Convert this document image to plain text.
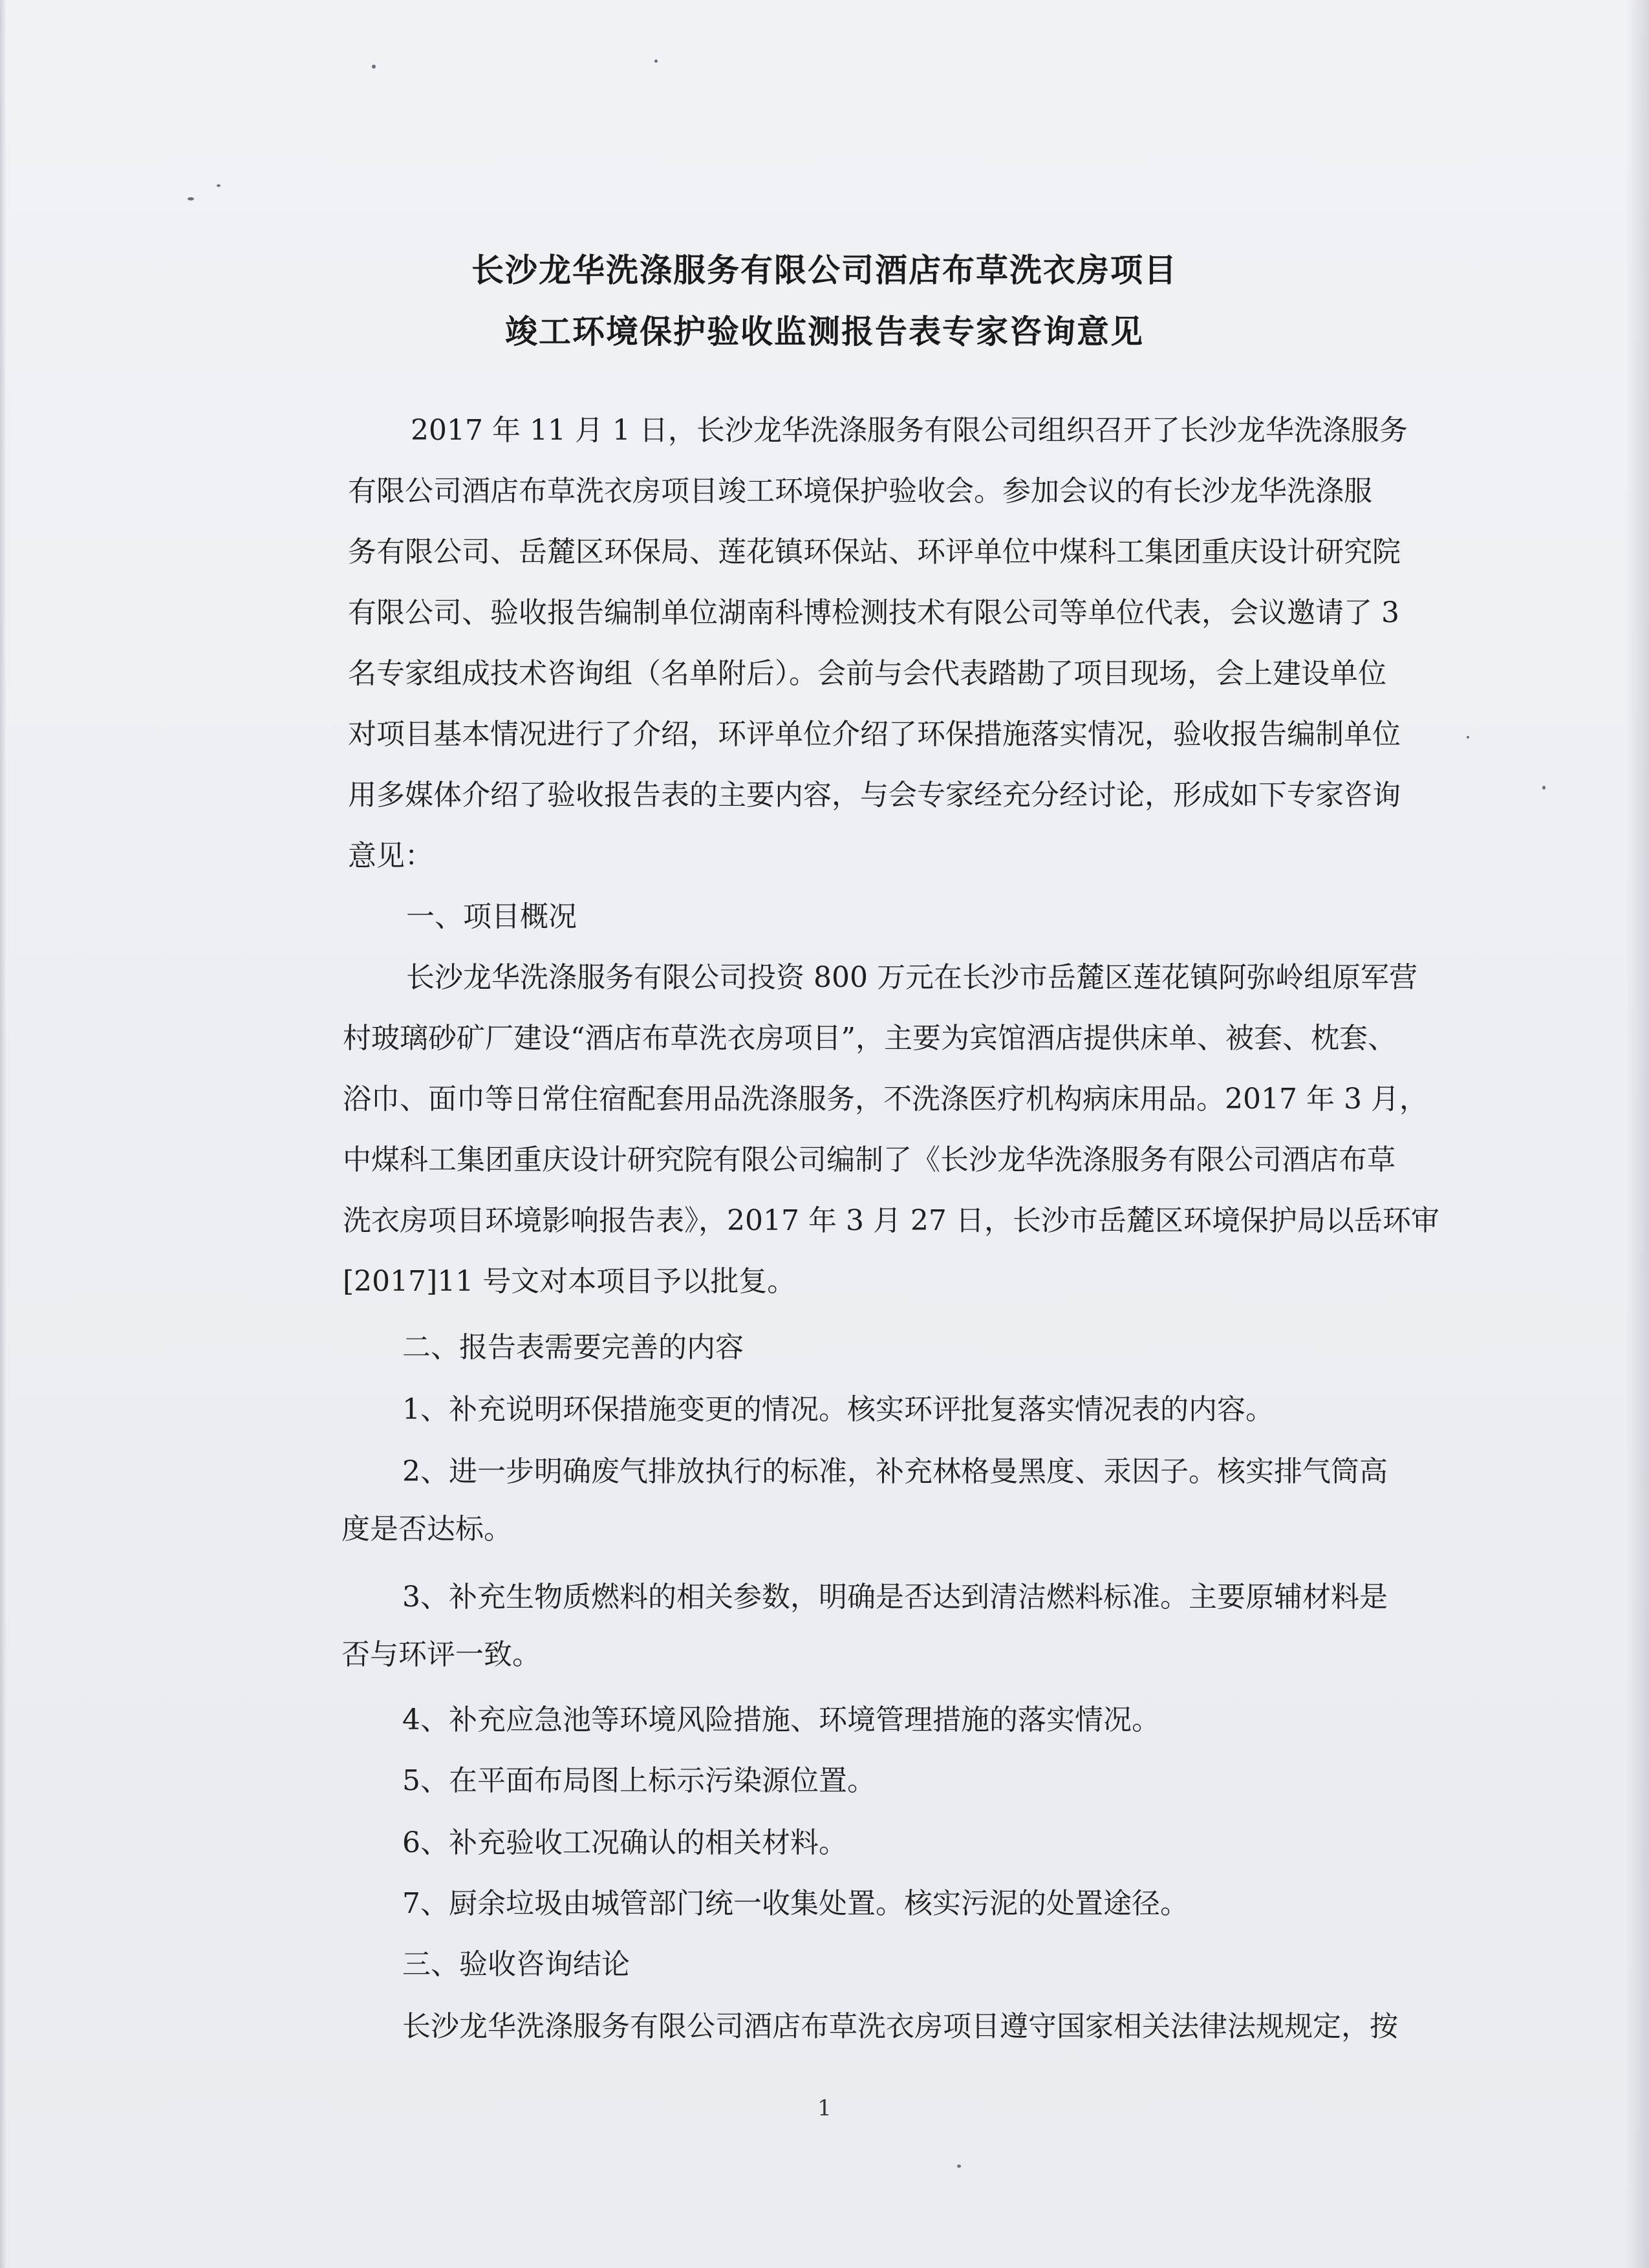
长沙龙华洗涤服务有限公司酒店布草洗衣房项目
竣工环境保护验收监测报告表专家咨询意见
2017 年 11 月 1 日，长沙龙华洗涤服务有限公司组织召开了长沙龙华洗涤服务
有限公司酒店布草洗衣房项目竣工环境保护验收会。参加会议的有长沙龙华洗涤服
务有限公司、岳麓区环保局、莲花镇环保站、环评单位中煤科工集团重庆设计研究院
有限公司、验收报告编制单位湖南科博检测技术有限公司等单位代表，会议邀请了 3
名专家组成技术咨询组（名单附后）。会前与会代表踏勘了项目现场，会上建设单位
对项目基本情况进行了介绍，环评单位介绍了环保措施落实情况，验收报告编制单位
用多媒体介绍了验收报告表的主要内容，与会专家经充分经讨论，形成如下专家咨询
意见：
一、项目概况
长沙龙华洗涤服务有限公司投资 800 万元在长沙市岳麓区莲花镇阿弥岭组原军营
村玻璃砂矿厂建设“酒店布草洗衣房项目”，主要为宾馆酒店提供床单、被套、枕套、
浴巾、面巾等日常住宿配套用品洗涤服务，不洗涤医疗机构病床用品。2017 年 3 月，
中煤科工集团重庆设计研究院有限公司编制了《长沙龙华洗涤服务有限公司酒店布草
洗衣房项目环境影响报告表》，2017 年 3 月 27 日，长沙市岳麓区环境保护局以岳环审
[2017]11 号文对本项目予以批复。
二、报告表需要完善的内容
1、补充说明环保措施变更的情况。核实环评批复落实情况表的内容。
2、进一步明确废气排放执行的标准，补充林格曼黑度、汞因子。核实排气筒高
度是否达标。
3、补充生物质燃料的相关参数，明确是否达到清洁燃料标准。主要原辅材料是
否与环评一致。
4、补充应急池等环境风险措施、环境管理措施的落实情况。
5、在平面布局图上标示污染源位置。
6、补充验收工况确认的相关材料。
7、厨余垃圾由城管部门统一收集处置。核实污泥的处置途径。
三、验收咨询结论
长沙龙华洗涤服务有限公司酒店布草洗衣房项目遵守国家相关法律法规规定，按
1
